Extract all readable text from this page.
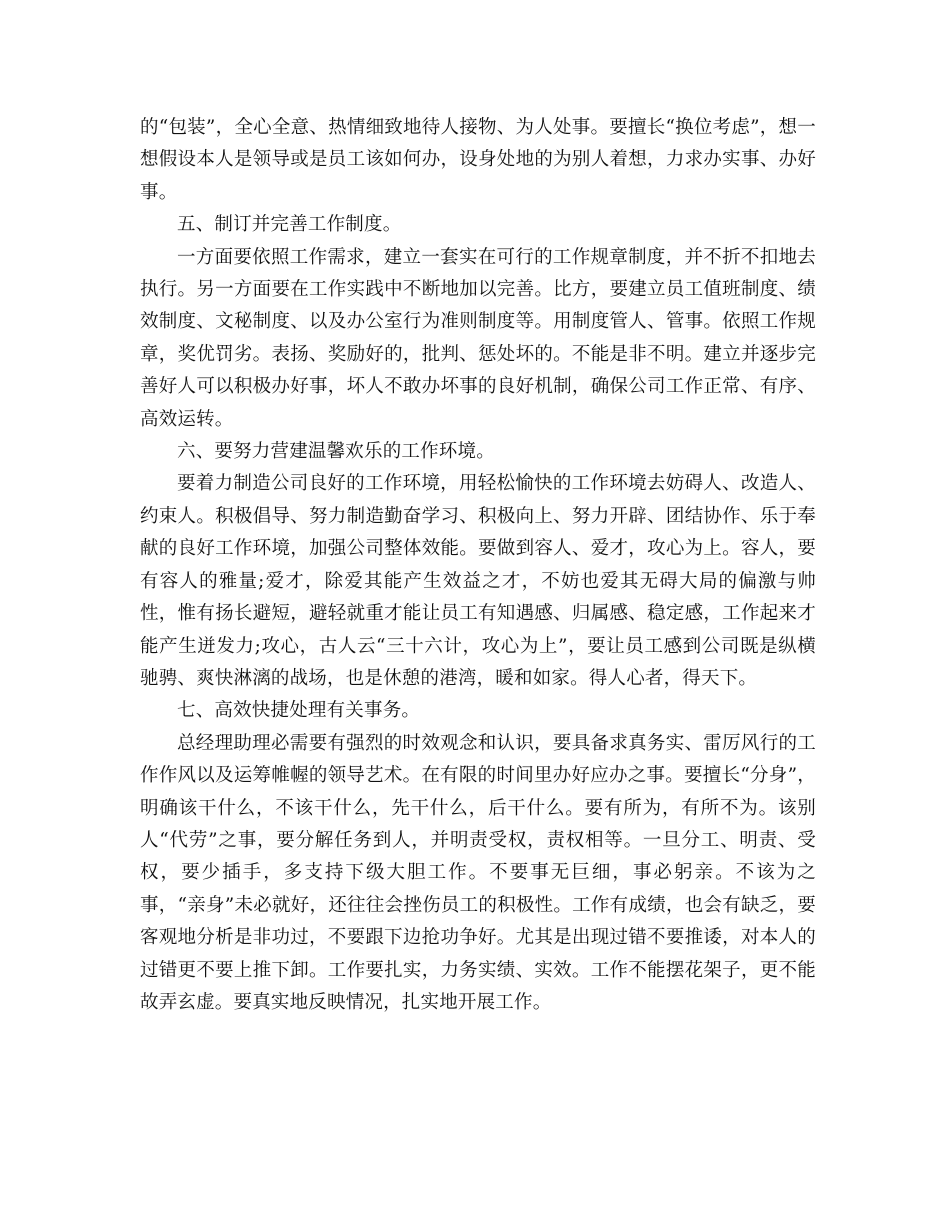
的“包装”，全心全意、热情细致地待人接物、为人处事。要擅长“换位考虑”，想一想假设本人是领导或是员工该如何办，设身处地的为别人着想，力求办实事、办好事。

五、制订并完善工作制度。

一方面要依照工作需求，建立一套实在可行的工作规章制度，并不折不扣地去执行。另一方面要在工作实践中不断地加以完善。比方，要建立员工值班制度、绩效制度、文秘制度、以及办公室行为准则制度等。用制度管人、管事。依照工作规章，奖优罚劣。表扬、奖励好的，批判、惩处坏的。不能是非不明。建立并逐步完善好人可以积极办好事，坏人不敢办坏事的良好机制，确保公司工作正常、有序、高效运转。

六、要努力营建温馨欢乐的工作环境。

要着力制造公司良好的工作环境，用轻松愉快的工作环境去妨碍人、改造人、约束人。积极倡导、努力制造勤奋学习、积极向上、努力开辟、团结协作、乐于奉献的良好工作环境，加强公司整体效能。要做到容人、爱才，攻心为上。容人，要有容人的雅量;爱才，除爱其能产生效益之才，不妨也爱其无碍大局的偏激与帅性，惟有扬长避短，避轻就重才能让员工有知遇感、归属感、稳定感，工作起来才能产生迸发力;攻心，古人云“三十六计，攻心为上”，要让员工感到公司既是纵横驰骋、爽快淋漓的战场，也是休憩的港湾，暖和如家。得人心者，得天下。

七、高效快捷处理有关事务。

总经理助理必需要有强烈的时效观念和认识，要具备求真务实、雷厉风行的工作作风以及运筹帷幄的领导艺术。在有限的时间里办好应办之事。要擅长“分身”，明确该干什么，不该干什么，先干什么，后干什么。要有所为，有所不为。该别人“代劳”之事，要分解任务到人，并明责受权，责权相等。一旦分工、明责、受权，要少插手，多支持下级大胆工作。不要事无巨细，事必躬亲。不该为之事，“亲身”未必就好，还往往会挫伤员工的积极性。工作有成绩，也会有缺乏，要客观地分析是非功过，不要跟下边抢功争好。尤其是出现过错不要推诿，对本人的过错更不要上推下卸。工作要扎实，力务实绩、实效。工作不能摆花架子，更不能故弄玄虚。要真实地反映情况，扎实地开展工作。
